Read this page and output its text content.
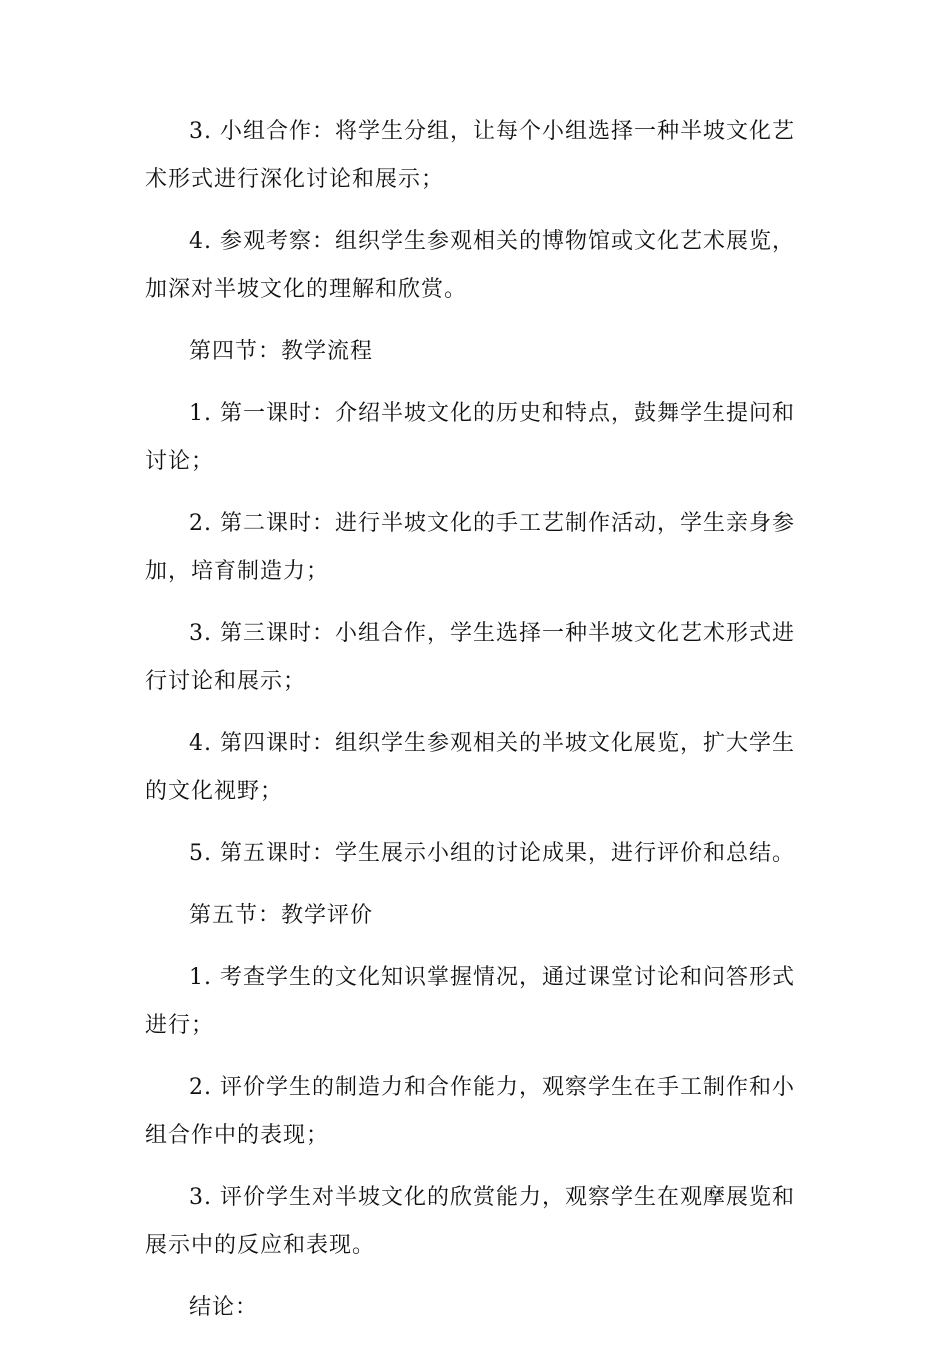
3. 小组合作：将学生分组，让每个小组选择一种半坡文化艺术形式进行深化讨论和展示；

4. 参观考察：组织学生参观相关的博物馆或文化艺术展览，加深对半坡文化的理解和欣赏。

第四节：教学流程

1. 第一课时：介绍半坡文化的历史和特点，鼓舞学生提问和讨论；

2. 第二课时：进行半坡文化的手工艺制作活动，学生亲身参加，培育制造力；

3. 第三课时：小组合作，学生选择一种半坡文化艺术形式进行讨论和展示；

4. 第四课时：组织学生参观相关的半坡文化展览，扩大学生的文化视野；

5. 第五课时：学生展示小组的讨论成果，进行评价和总结。

第五节：教学评价

1. 考查学生的文化知识掌握情况，通过课堂讨论和问答形式进行；

2. 评价学生的制造力和合作能力，观察学生在手工制作和小组合作中的表现；

3. 评价学生对半坡文化的欣赏能力，观察学生在观摩展览和展示中的反应和表现。

结论：
